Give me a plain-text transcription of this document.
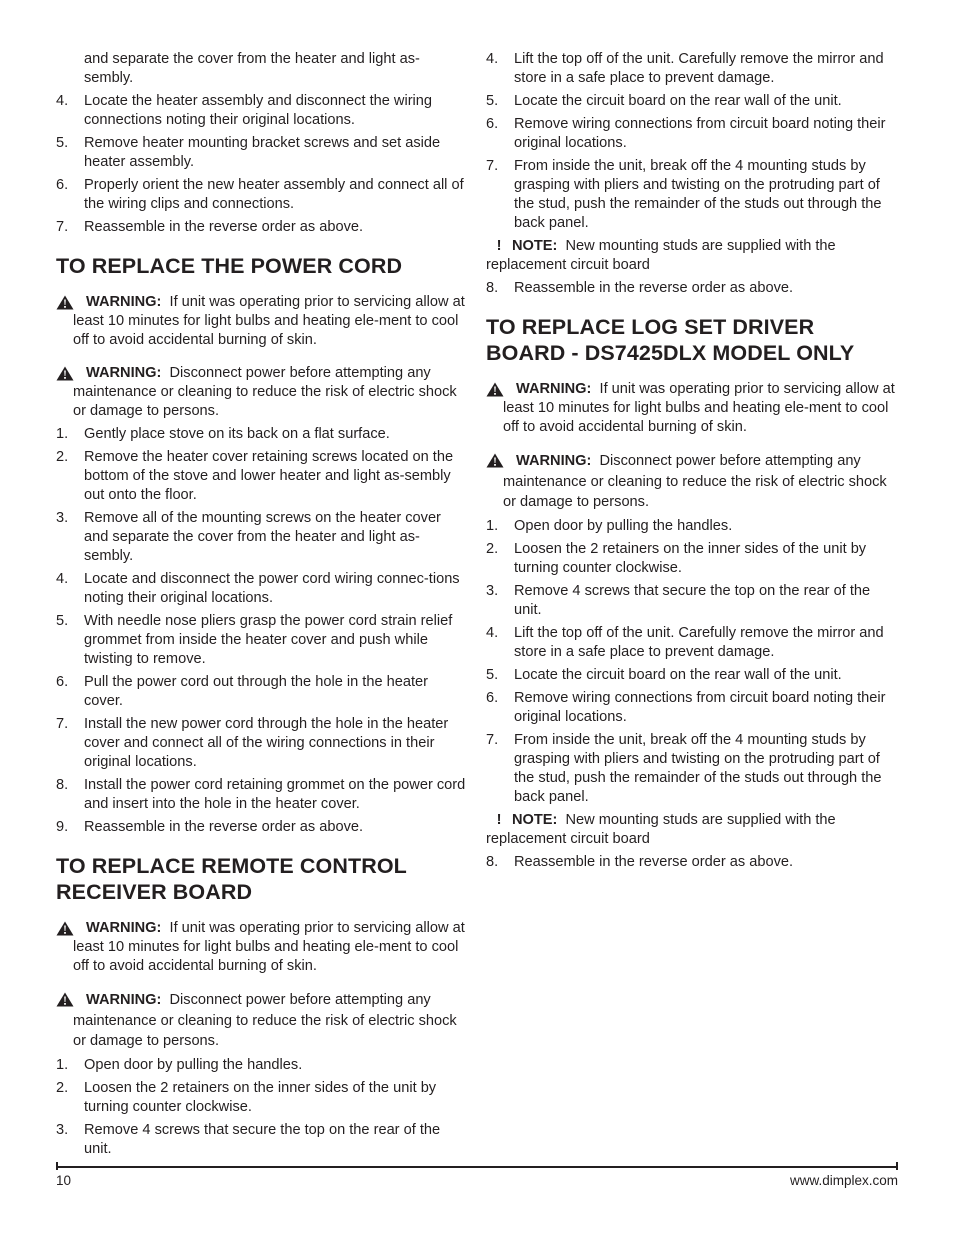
and separate the cover from the heater and light as-sembly.
4. Locate the heater assembly and disconnect the wiring connections noting their original locations.
5. Remove heater mounting bracket screws and set aside heater assembly.
6. Properly orient the new heater assembly and connect all of the wiring clips and connections.
7. Reassemble in the reverse order as above.
TO REPLACE THE POWER CORD
WARNING: If unit was operating prior to servicing allow at least 10 minutes for light bulbs and heating ele-ment to cool off to avoid accidental burning of skin.
WARNING: Disconnect power before attempting any maintenance or cleaning to reduce the risk of electric shock or damage to persons.
1. Gently place stove on its back on a flat surface.
2. Remove the heater cover retaining screws located on the bottom of the stove and lower heater and light as-sembly out onto the floor.
3. Remove all of the mounting screws on the heater cover and separate the cover from the heater and light as-sembly.
4. Locate and disconnect the power cord wiring connec-tions noting their original locations.
5. With needle nose pliers grasp the power cord strain relief grommet from inside the heater cover and push while twisting to remove.
6. Pull the power cord out through the hole in the heater cover.
7. Install the new power cord through the hole in the heater cover and connect all of the wiring connections in their original locations.
8. Install the power cord retaining grommet on the power cord and insert into the hole in the heater cover.
9. Reassemble in the reverse order as above.
TO REPLACE REMOTE CONTROL RECEIVER BOARD
WARNING: If unit was operating prior to servicing allow at least 10 minutes for light bulbs and heating ele-ment to cool off to avoid accidental burning of skin.
WARNING: Disconnect power before attempting any maintenance or cleaning to reduce the risk of electric shock or damage to persons.
1. Open door by pulling the handles.
2. Loosen the 2 retainers on the inner sides of the unit by turning counter clockwise.
3. Remove 4 screws that secure the top on the rear of the unit.
4. Lift the top off of the unit. Carefully remove the mirror and store in a safe place to prevent damage.
5. Locate the circuit board on the rear wall of the unit.
6. Remove wiring connections from circuit board noting their original locations.
7. From inside the unit, break off the 4 mounting studs by grasping with pliers and twisting on the protruding part of the stud, push the remainder of the studs out through the back panel.
! NOTE: New mounting studs are supplied with the replacement circuit board
8. Reassemble in the reverse order as above.
TO REPLACE LOG SET DRIVER BOARD - DS7425DLX MODEL ONLY
WARNING: If unit was operating prior to servicing allow at least 10 minutes for light bulbs and heating ele-ment to cool off to avoid accidental burning of skin.
WARNING: Disconnect power before attempting any maintenance or cleaning to reduce the risk of electric shock or damage to persons.
1. Open door by pulling the handles.
2. Loosen the 2 retainers on the inner sides of the unit by turning counter clockwise.
3. Remove 4 screws that secure the top on the rear of the unit.
4. Lift the top off of the unit. Carefully remove the mirror and store in a safe place to prevent damage.
5. Locate the circuit board on the rear wall of the unit.
6. Remove wiring connections from circuit board noting their original locations.
7. From inside the unit, break off the 4 mounting studs by grasping with pliers and twisting on the protruding part of the stud, push the remainder of the studs out through the back panel.
! NOTE: New mounting studs are supplied with the replacement circuit board
8. Reassemble in the reverse order as above.
10	www.dimplex.com
